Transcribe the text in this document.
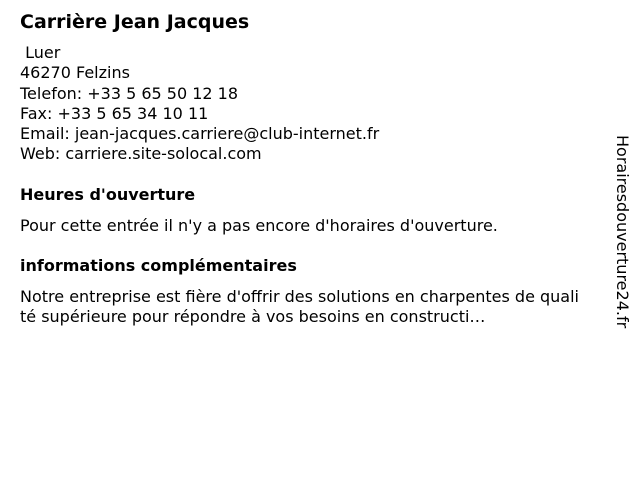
Carrière Jean Jacques
Luer
46270 Felzins
Telefon: +33 5 65 50 12 18
Fax: +33 5 65 34 10 11
Email: jean-jacques.carriere@club-internet.fr
Web: carriere.site-solocal.com
Heures d'ouverture
Pour cette entrée il n'y a pas encore d'horaires d'ouverture.
informations complémentaires
Notre entreprise est fière d'offrir des solutions en charpentes de qualité supérieure pour répondre à vos besoins en constructi…	Horairesdouverture24.fr
